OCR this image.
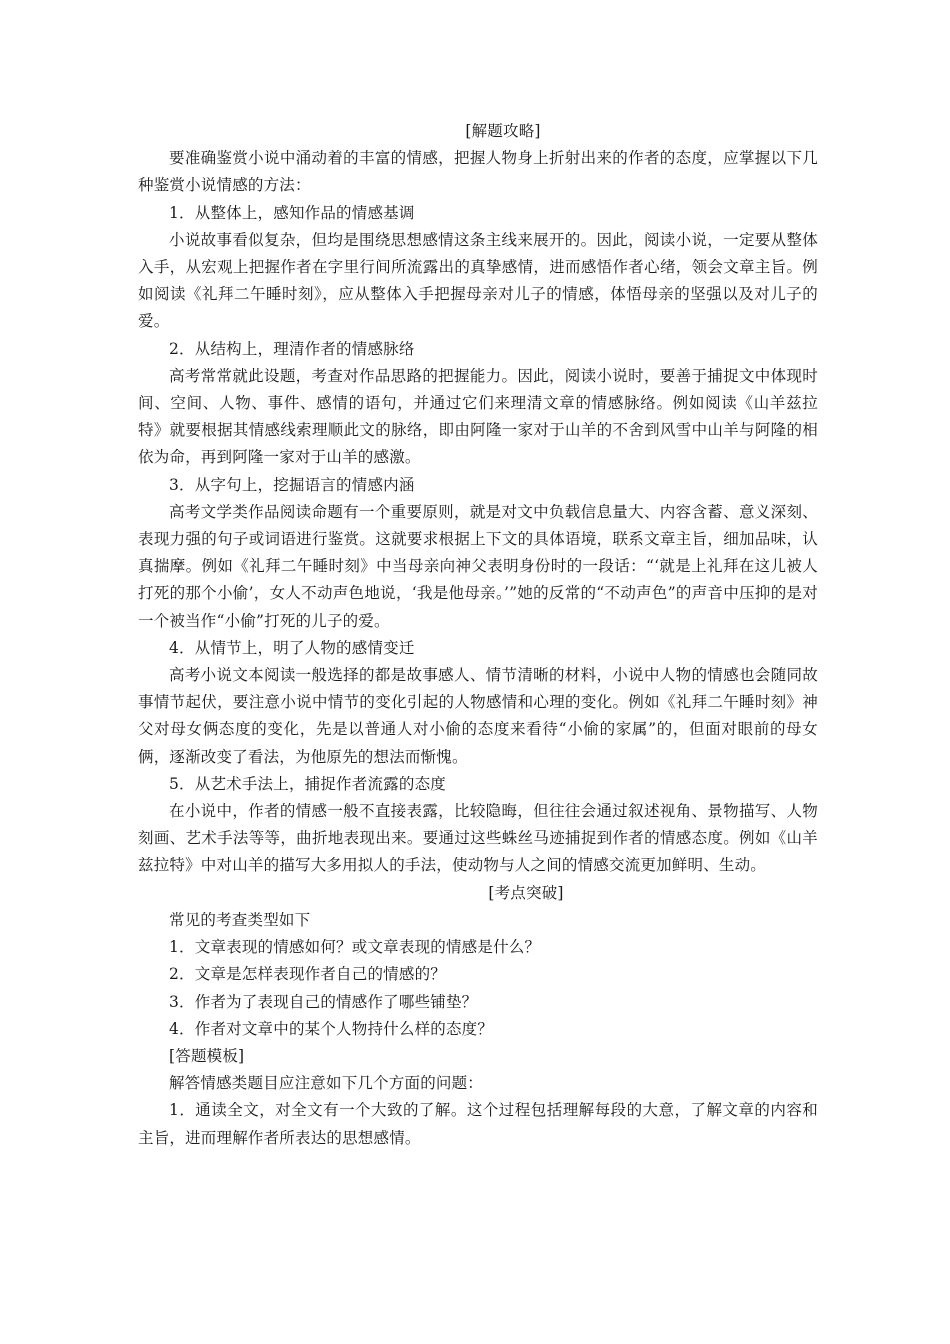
[解题攻略]

要准确鉴赏小说中涌动着的丰富的情感，把握人物身上折射出来的作者的态度，应掌握以下几种鉴赏小说情感的方法：

1．从整体上，感知作品的情感基调

小说故事看似复杂，但均是围绕思想感情这条主线来展开的。因此，阅读小说，一定要从整体入手，从宏观上把握作者在字里行间所流露出的真挚感情，进而感悟作者心绪，领会文章主旨。例如阅读《礼拜二午睡时刻》，应从整体入手把握母亲对儿子的情感，体悟母亲的坚强以及对儿子的爱。

2．从结构上，理清作者的情感脉络

高考常常就此设题，考查对作品思路的把握能力。因此，阅读小说时，要善于捕捉文中体现时间、空间、人物、事件、感情的语句，并通过它们来理清文章的情感脉络。例如阅读《山羊兹拉特》就要根据其情感线索理顺此文的脉络，即由阿隆一家对于山羊的不舍到风雪中山羊与阿隆的相依为命，再到阿隆一家对于山羊的感激。

3．从字句上，挖掘语言的情感内涵

高考文学类作品阅读命题有一个重要原则，就是对文中负载信息量大、内容含蓄、意义深刻、表现力强的句子或词语进行鉴赏。这就要求根据上下文的具体语境，联系文章主旨，细加品味，认真揣摩。例如《礼拜二午睡时刻》中当母亲向神父表明身份时的一段话：“‘就是上礼拜在这儿被人打死的那个小偷’，女人不动声色地说，‘我是他母亲。’”她的反常的“不动声色”的声音中压抑的是对一个被当作“小偷”打死的儿子的爱。

4．从情节上，明了人物的感情变迁

高考小说文本阅读一般选择的都是故事感人、情节清晰的材料，小说中人物的情感也会随同故事情节起伏，要注意小说中情节的变化引起的人物感情和心理的变化。例如《礼拜二午睡时刻》神父对母女俩态度的变化，先是以普通人对小偷的态度来看待“小偷的家属”的，但面对眼前的母女俩，逐渐改变了看法，为他原先的想法而惭愧。

5．从艺术手法上，捕捉作者流露的态度

在小说中，作者的情感一般不直接表露，比较隐晦，但往往会通过叙述视角、景物描写、人物刻画、艺术手法等等，曲折地表现出来。要通过这些蛛丝马迹捕捉到作者的情感态度。例如《山羊兹拉特》中对山羊的描写大多用拟人的手法，使动物与人之间的情感交流更加鲜明、生动。

[考点突破]

常见的考查类型如下

1．文章表现的情感如何？或文章表现的情感是什么？

2．文章是怎样表现作者自己的情感的？

3．作者为了表现自己的情感作了哪些铺垫？

4．作者对文章中的某个人物持什么样的态度？

[答题模板]

解答情感类题目应注意如下几个方面的问题：

1．通读全文，对全文有一个大致的了解。这个过程包括理解每段的大意，了解文章的内容和主旨，进而理解作者所表达的思想感情。
